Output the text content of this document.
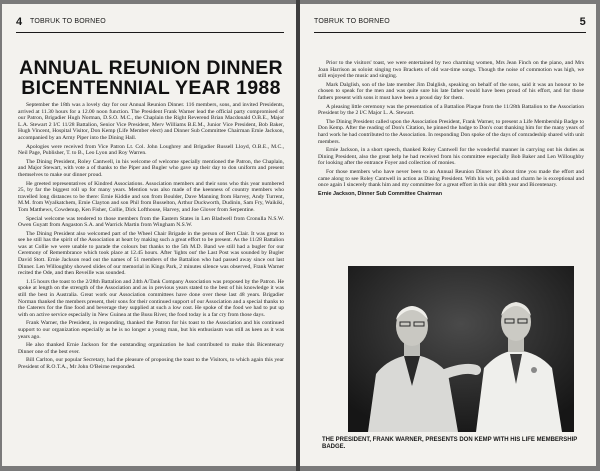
4 TOBRUK TO BORNEO
ANNUAL REUNION DINNER BICENTENNIAL YEAR 1988

September the 18th was a lovely day for our Annual Reunion Dinner. 116 members, sons, and invited Presidents, arrived at 11.30 hours for a 12.00 noon function. The President Frank Warner lead the official party compromised of our Patron, Brigadier Hugh Norman, D.S.O. M.C., the Chaplain the Right Reverend Brian Macdonald O.B.E., Major L.A. Stewart 2 I/C 11/28 Battalion, Senior Vice President, Merv Williams B.E.M., Junior Vice President, Bob Baker, Hugh Vincent, Hospital Visitor, Don Kemp (Life Member elect) and Dinner Sub Committee Chairman Ernie Jackson, accompanied by an Army Piper into the Dining Hall.

Apologies were received from Vice Patron Lt. Col. John Loughrey and Brigadier Russell Lloyd, O.B.E., M.C., Neil Page, Publisher, T. to B., Leo Lyon and Roy Warren.

The Dining President, Roley Cantwell, in his welcome of welcome specially mentioned the Patron, the Chaplain, and Major Stewart, with vote a of thanks to the Piper and Bugler who gave up their day to don uniform and present themselves to make our dinner proud.

He greeted representatives of Kindred Associations. Association members and their sons who this year numbered 25, by far the biggest roll up for many years. Mention was also made of the keenness of country members who travelled long distances to be there: Ernie Kiddie and son from Boulder, Dave Manning from Harvey, Andy Turrent, M.M. from Wyalkatchem, Ernie Clayton and son Phil from Busselton, Arthur Duckworth, Dudinin, Sam Fry, Waikiki, Tom Matthews, Cowdenup, Ken Fisher, Collie, Dick Lofthouse, Harvey, and Joe Glover from Serpentine.

Special welcome was tendered to those members from the Eastern States in Len Bladwell from Cronulla N.S.W. Owen Guyatt from Angaston S.A. and Warrick Martin from Wingham N.S.W.

The Dining President also welcomed part of the Wheel Chair Brigade in the person of Bert Clair. It was great to see he still has the spirit of the Association at heart by making such a great effort to be present. As the 11/28 Battalion was at Collie we were unable to parade the colours but thanks to the 5th M.D. Band we still had a bugler for our Ceremony of Remembrance which took place at 12.45 hours. After 'lights out' the Last Post was sounded by Bugler David Stott. Ernie Jackson read out the names of 51 members of the Battalion who had passed away since out last Dinner. Len Willoughby showed slides of our memorial in Kings Park, 2 minutes silence was observed, Frank Warner recited the Ode, and then Reveille was sounded.

1.15 hours the toast to the 2/28th Battalion and 24th A/Tank Company Association was proposed by the Patron. He spoke at length on the strength of the Association and as in previous years stated to the best of his knowledge it was still the best in Australia. Great work our Association committees have done over these last 48 years. Brigadier Norman thanked the members present, their sons for their continued support of our Association and a special thanks to the Caterers for the fine food and beverage they supplied at such a low cost. He spoke of the food we had to put up with on active service especially in New Guinea at the Busu River, the food today is a far cry from those days.

Frank Warner, the President, in responding, thanked the Patron for his toast to the Association and his continued support to our organization especially as he is no longer a young man, but his enthusiasm was still as keen as it was years ago.

He also thanked Ernie Jackson for the outstanding organization he had contributed to make this Bicentenary Dinner one of the best ever.

Bill Carlton, our popular Secretary, had the pleasure of proposing the toast to the Visitors, to which again this year President of R.O.T.A., Mr John O'Beirne responded.

TOBRUK TO BORNEO	5

Prior to the visitors' toast, we were entertained by two charming women, Mrs Jean Finch on the piano, and Mrs Joan Harrison as soloist singing two Brackets of old war-time songs. Though the noise of commotion was high, we still enjoyed the music and singing.

Mark Dalglish, son of the late member Jim Dalglish, speaking on behalf of the sons, said it was an honour to be chosen to speak for the men and was quite sure his late father would have been proud of his effort, and for those fathers present with sons it must have been a proud day for them.

A pleasing little ceremony was the presentation of a Battalion Plaque from the 11/28th Battalion to the Association President by the 2 I/C Major L. A. Stewart.

The Dining President called upon the Association President, Frank Warner, to present a Life Membership Badge to Don Kemp. After the reading of Don's Citation, he pinned the badge to Don's coat thanking him for the many years of hard work he had contributed to the Association. In responding Don spoke of the days of comradeship shared with unit members.

Ernie Jackson, in a short speech, thanked Roley Cantwell for the wonderful manner in carrying out his duties as Dining President, also the great help he had received from his committee especially Bob Baker and Len Willoughby for looking after the entrance Foyer and collection of monies.

For those members who have never been to an Annual Reunion Dinner it's about time you made the effort and came along to see Roley Cantwell in action as Dining President. With his wit, polish and charm he is exceptional and once again I sincerely thank him and my committee for a great effort in this our 48th year and Bicentenary.

Ernie Jackson, Dinner Sub Committee Chairman

THE PRESIDENT, FRANK WARNER, PRESENTS DON KEMP WITH HIS LIFE MEMBERSHIP BADGE.
